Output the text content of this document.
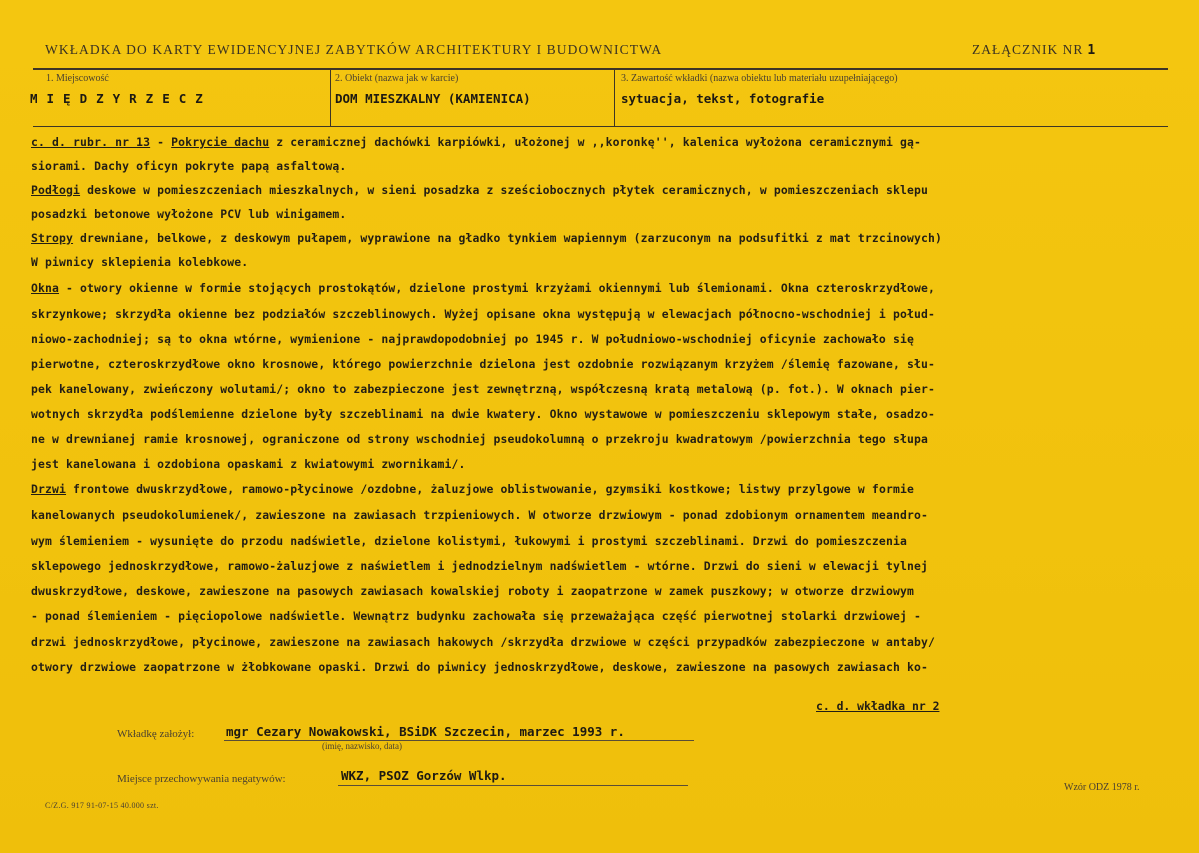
WKŁADKA DO KARTY EWIDENCYJNEJ ZABYTKÓW ARCHITEKTURY I BUDOWNICTWA	ZAŁĄCZNIK NR 1
1. Miejscowość
MIĘDZYRZECZ
2. Obiekt (nazwa jak w karcie)
DOM MIESZKALNY (KAMIENICA)
3. Zawartość wkładki (nazwa obiektu lub materiału uzupełniającego)
sytuacja, tekst, fotografie
c. d. rubr. nr 13 - Pokrycie dachu z ceramicznej dachówki karpiówki, ułożonej w ,,koronkę'', kalenica wyłożona ceramicznymi gą-
siorami. Dachy oficyn pokryte papą asfaltową.
Podłogi deskowe w pomieszczeniach mieszkalnych, w sieni posadzka z sześciobocznych płytek ceramicznych, w pomieszczeniach sklepu
posadzki betonowe wyłożone PCV lub winigamem.
Stropy drewniane, belkowe, z deskowym pułapem, wyprawione na gładko tynkiem wapiennym (zarzuconym na podsufitki z mat trzcinowych)
W piwnicy sklepienia kolebkowe.
Okna - otwory okienne w formie stojących prostokątów, dzielone prostymi krzyżami okiennymi lub ślemionami. Okna czteroskrzydłowe,
skrzynkowe; skrzydła okienne bez podziałów szczeblinowych. Wyżej opisane okna występują w elewacjach północno-wschodniej i połud-
niowo-zachodniej; są to okna wtórne, wymienione - najprawdopodobniej po 1945 r. W południowo-wschodniej oficynie zachowało się
pierwotne, czteroskrzydłowe okno krosnowe, którego powierzchnie dzielona jest ozdobnie rozwiązanym krzyżem /ślemię fazowane, słu-
pek kanelowany, zwieńczony wolutami/; okno to zabezpieczone jest zewnętrzną, współczesną kratą metalową (p. fot.). W oknach pier-
wotnych skrzydła podślemienne dzielone były szczeblinami na dwie kwatery. Okno wystawowe w pomieszczeniu sklepowym stałe, osadzo-
ne w drewnianej ramie krosnowej, ograniczone od strony wschodniej pseudokolumną o przekroju kwadratowym /powierzchnia tego słupa
jest kanelowana i ozdobiona opaskami z kwiatowymi zwornikami/.
Drzwi frontowe dwuskrzydłowe, ramowo-płycinowe /ozdobne, żaluzjowe oblistwowanie, gzymsiki kostkowe; listwy przylgowe w formie
kanelowanych pseudokolumienek/, zawieszone na zawiasach trzpieniowych. W otworze drzwiowym - ponad zdobionym ornamentem meandro-
wym ślemieniem - wysunięte do przodu nadświetle, dzielone kolistymi, łukowymi i prostymi szczeblinami. Drzwi do pomieszczenia
sklepowego jednoskrzydłowe, ramowo-żaluzjowe z naświetlem i jednodzielnym nadświetlem - wtórne. Drzwi do sieni w elewacji tylnej
dwuskrzydłowe, deskowe, zawieszone na pasowych zawiasach kowalskiej roboty i zaopatrzone w zamek puszkowy; w otworze drzwiowym
- ponad ślemieniem - pięciopolowe nadświetle. Wewnątrz budynku zachowała się przeważająca część pierwotnej stolarki drzwiowej -
drzwi jednoskrzydłowe, płycinowe, zawieszone na zawiasach hakowych /skrzydła drzwiowe w części przypadków zabezpieczone w antaby/
otwory drzwiowe zaopatrzone w żłobkowane opaski. Drzwi do piwnicy jednoskrzydłowe, deskowe, zawieszone na pasowych zawiasach ko-
c. d. wkładka nr 2
Wkładkę założył:	mgr Cezary Nowakowski, BSiDK Szczecin, marzec 1993 r.
(imię, nazwisko, data)
Miejsce przechowywania negatywów:	WKZ, PSOZ Gorzów Wlkp.
Wzór ODZ 1978 r.
C/Z.G. 917 91-07-15 40.000 szt.
